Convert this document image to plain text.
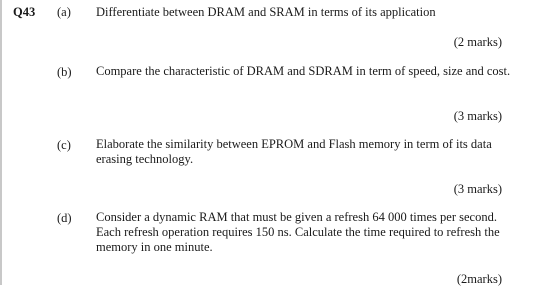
Q43 (a) Differentiate between DRAM and SRAM in terms of its application
(2 marks)
(b) Compare the characteristic of DRAM and SDRAM in term of speed, size and cost.
(3 marks)
(c) Elaborate the similarity between EPROM and Flash memory in term of its data erasing technology.
(3 marks)
(d) Consider a dynamic RAM that must be given a refresh 64 000 times per second. Each refresh operation requires 150 ns. Calculate the time required to refresh the memory in one minute.
(2marks)
